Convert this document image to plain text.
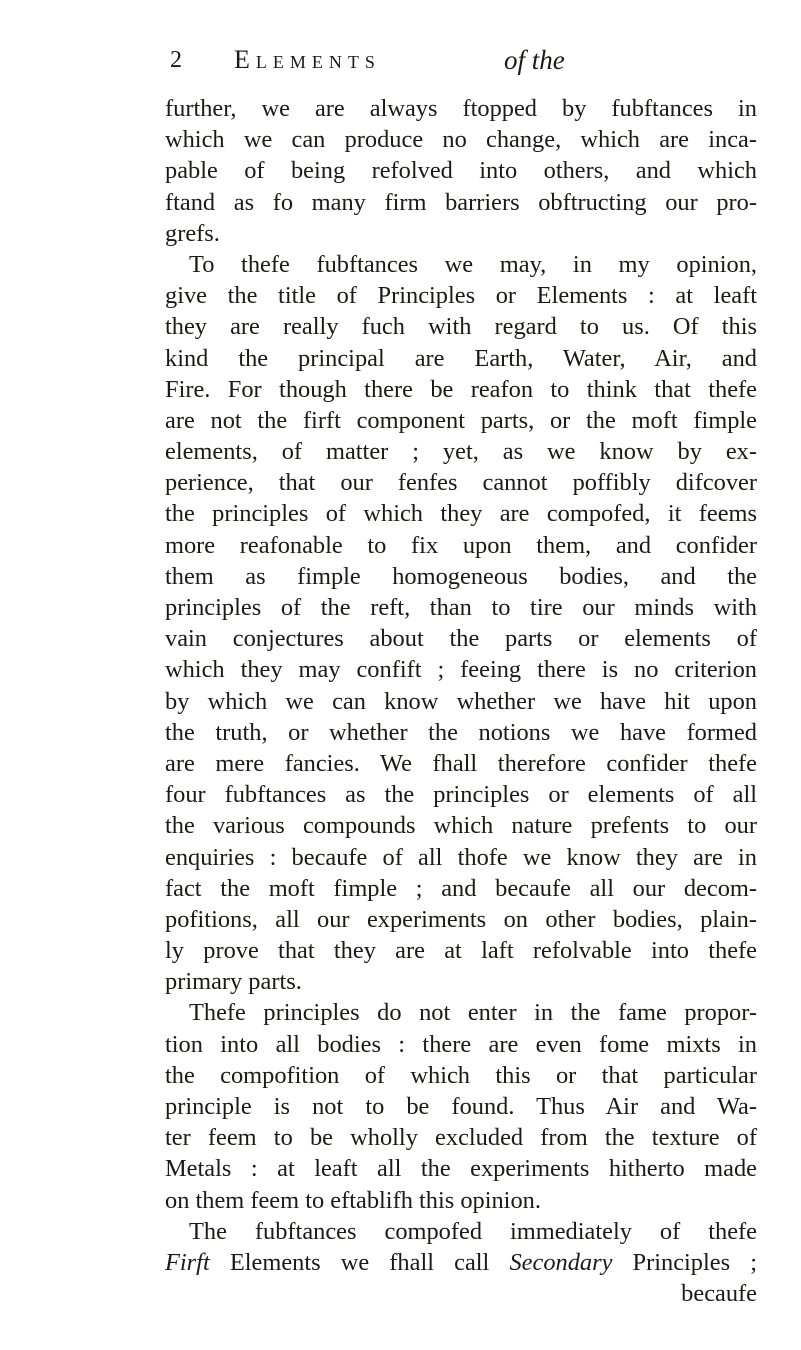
2 Elements	of the
further, we are always ftopped by fubftances in
which we can produce no change, which are inca-
pable of being refolved into others, and which
ftand as fo many firm barriers obftructing our pro-
grefs.
To thefe fubftances we may, in my opinion,
give the title of Principles or Elements : at leaft
they are really fuch with regard to us. Of this
kind the principal are Earth, Water, Air, and
Fire. For though there be reafon to think that thefe
are not the firft component parts, or the moft fimple
elements, of matter ; yet, as we know by ex-
perience, that our fenfes cannot poffibly difcover
the principles of which they are compofed, it feems
more reafonable to fix upon them, and confider
them as fimple homogeneous bodies, and the
principles of the reft, than to tire our minds with
vain conjectures about the parts or elements of
which they may confift ; feeing there is no criterion
by which we can know whether we have hit upon
the truth, or whether the notions we have formed
are mere fancies. We fhall therefore confider thefe
four fubftances as the principles or elements of all
the various compounds which nature prefents to our
enquiries : becaufe of all thofe we know they are in
fact the moft fimple ; and becaufe all our decom-
pofitions, all our experiments on other bodies, plain-
ly prove that they are at laft refolvable into thefe
primary parts.
Thefe principles do not enter in the fame propor-
tion into all bodies : there are even fome mixts in
the compofition of which this or that particular
principle is not to be found. Thus Air and Wa-
ter feem to be wholly excluded from the texture of
Metals : at leaft all the experiments hitherto made
on them feem to eftablifh this opinion.
The fubftances compofed immediately of thefe
Firft Elements we fhall call Secondary Principles ;
becaufe
